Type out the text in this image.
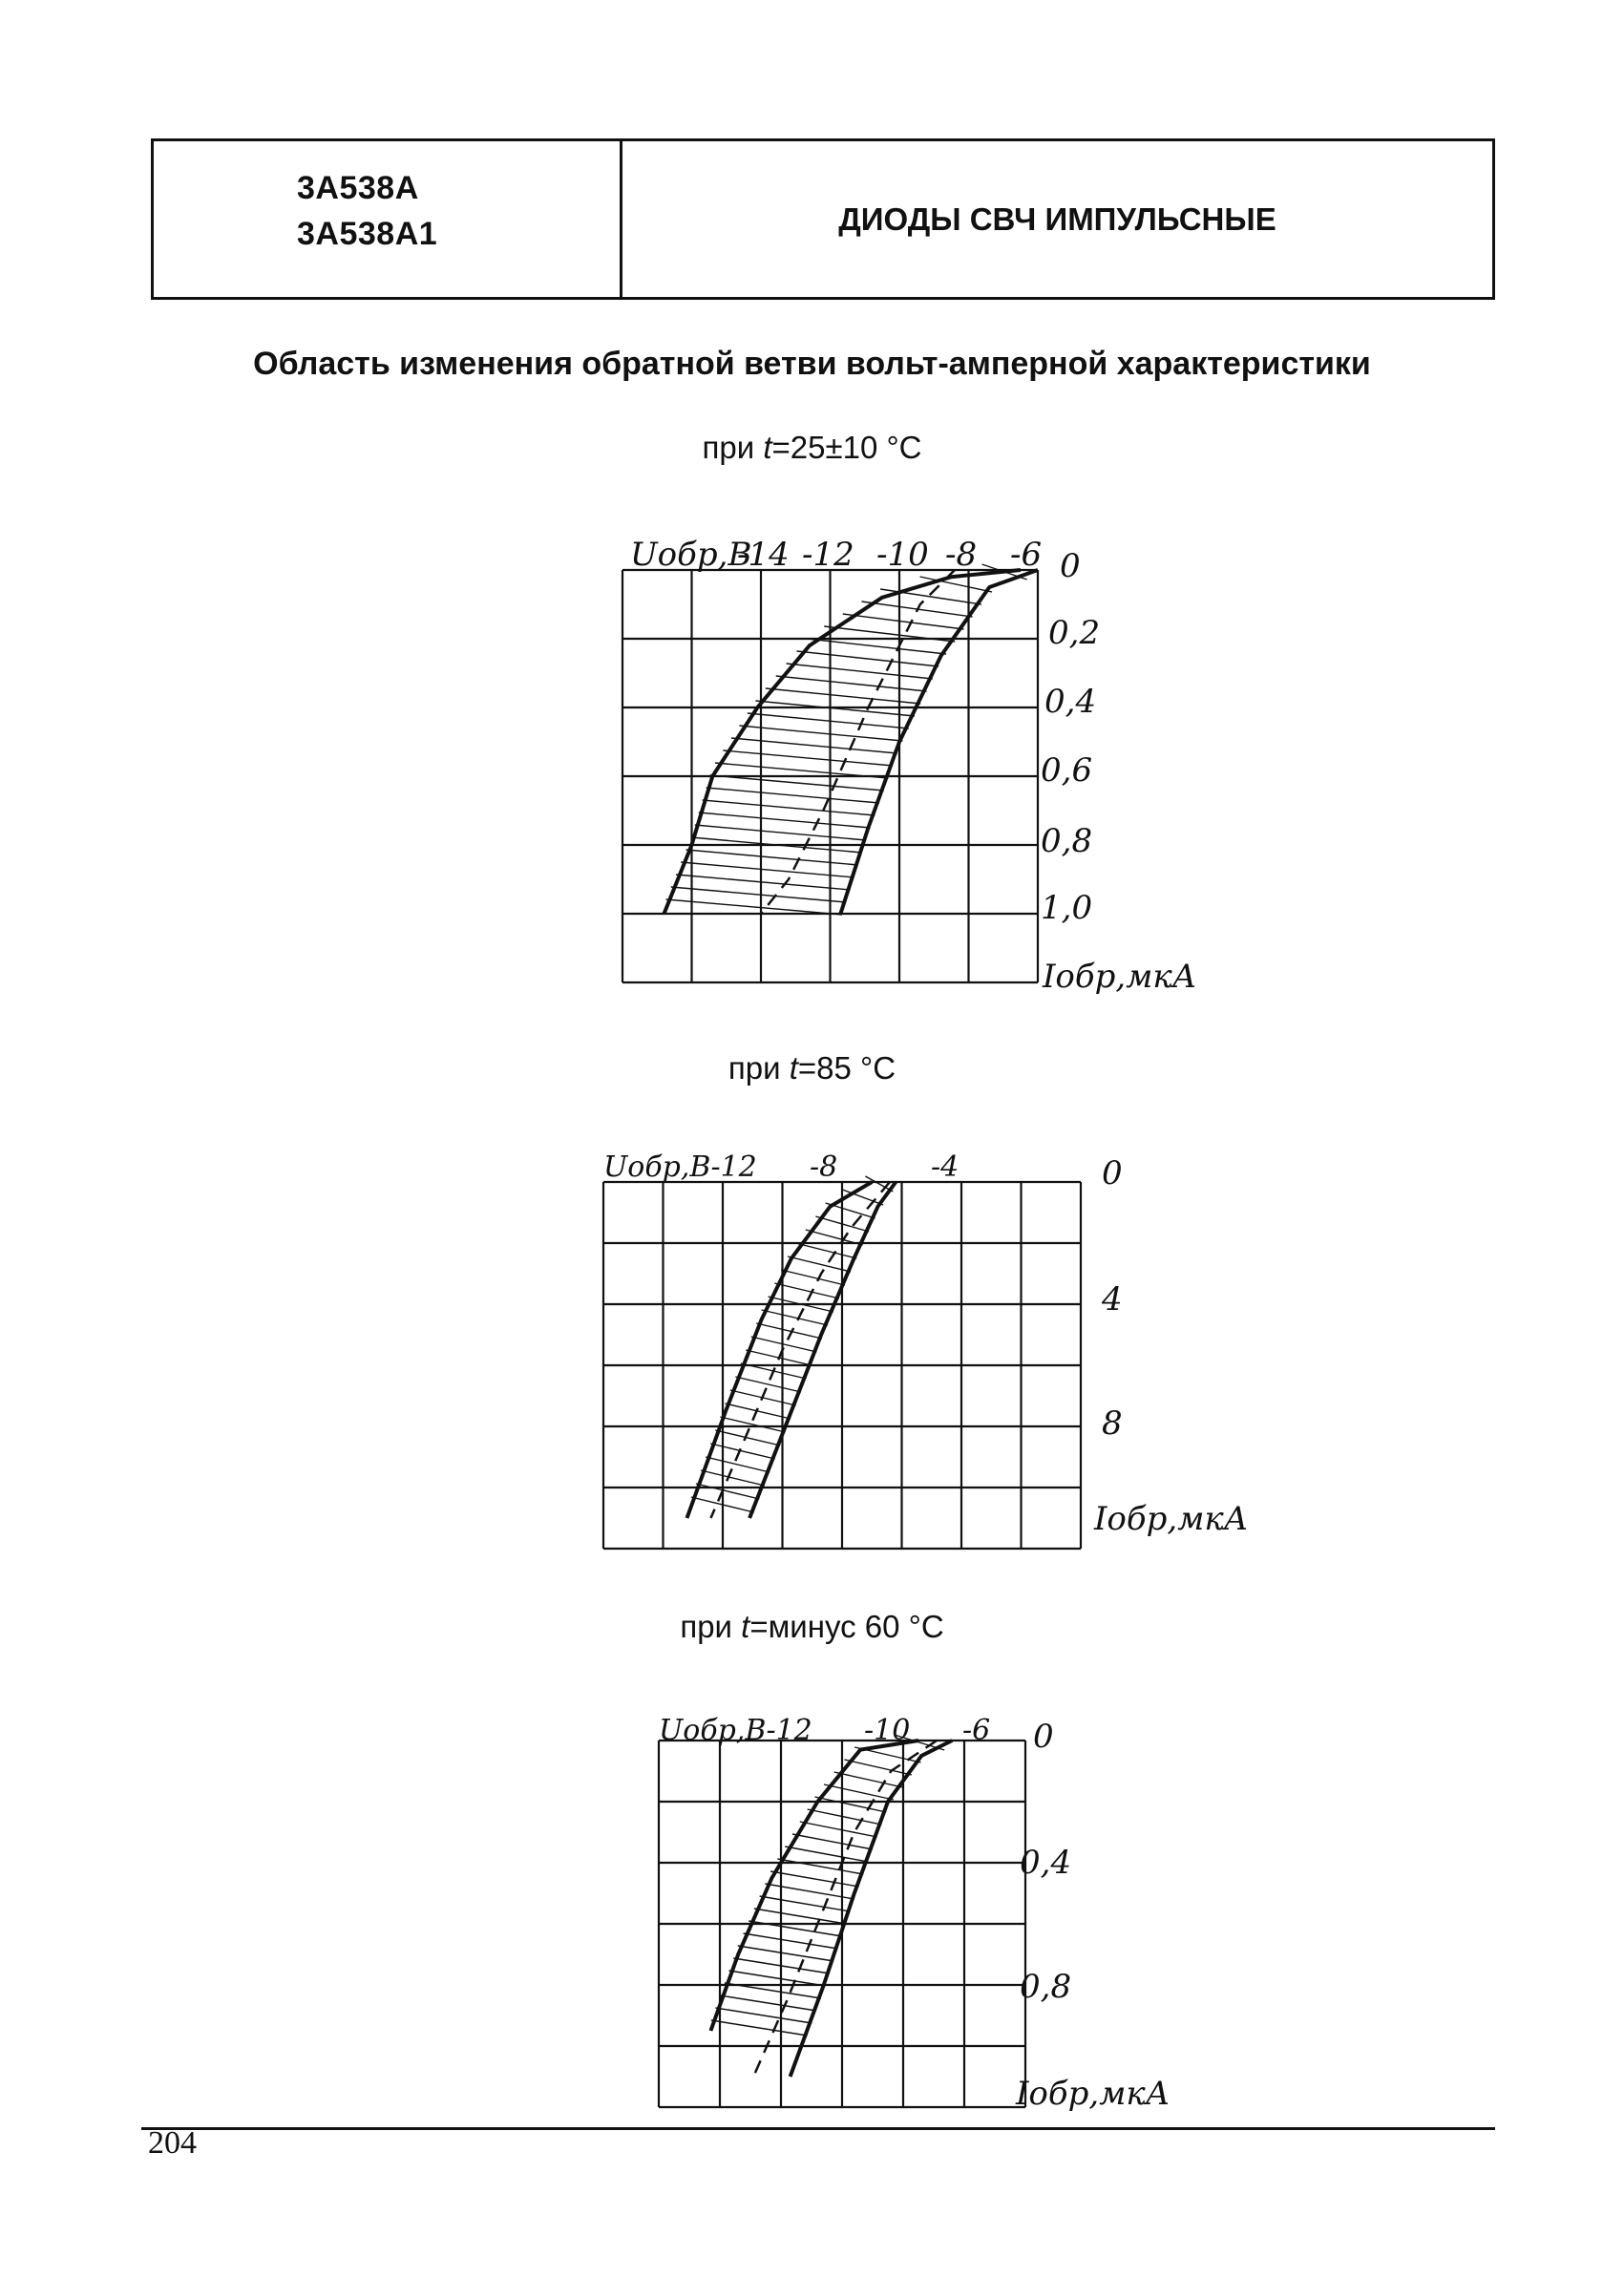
3А538А
3А538А1	ДИОДЫ СВЧ ИМПУЛЬСНЫЕ
Область изменения обратной ветви вольт-амперной характеристики
при t=25±10 °C
при t=85 °C
при t=минус 60 °C
Uобр,В
-14 -12 -10 -8 -6 0
0,2
0,4
0,6
0,8
1,0
Iобр,мкА
Uобр,В-12 -8	-4	0
4
8
Iобр,мкА
Uобр,В-12 -10 -6 0
0,4
0,8
Iобр,мкА
204
